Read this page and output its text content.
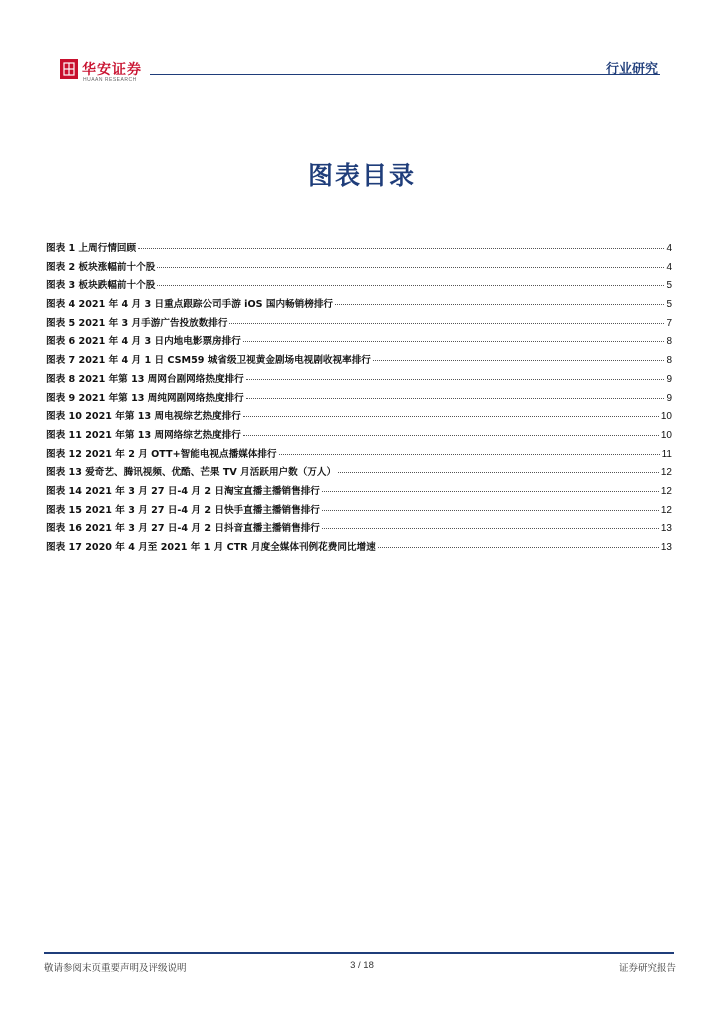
华安证券
HUAAN RESEARCH
行业研究
图表目录
图表 1 上周行情回顾	4
图表 2 板块涨幅前十个股	4
图表 3 板块跌幅前十个股	5
图表 4 2021 年 4 月 3 日重点跟踪公司手游 iOS 国内畅销榜排行	5
图表 5 2021 年 3 月手游广告投放数排行	7
图表 6 2021 年 4 月 3 日内地电影票房排行	8
图表 7 2021 年 4 月 1 日 CSM59 城省级卫视黄金剧场电视剧收视率排行	8
图表 8 2021 年第 13 周网台剧网络热度排行	9
图表 9 2021 年第 13 周纯网剧网络热度排行	9
图表 10 2021 年第 13 周电视综艺热度排行	10
图表 11 2021 年第 13 周网络综艺热度排行	10
图表 12 2021 年 2 月 OTT+智能电视点播媒体排行	11
图表 13 爱奇艺、腾讯视频、优酷、芒果 TV 月活跃用户数（万人）	12
图表 14 2021 年 3 月 27 日-4 月 2 日淘宝直播主播销售排行	12
图表 15 2021 年 3 月 27 日-4 月 2 日快手直播主播销售排行	12
图表 16 2021 年 3 月 27 日-4 月 2 日抖音直播主播销售排行	13
图表 17 2020 年 4 月至 2021 年 1 月 CTR 月度全媒体刊例花费同比增速	13
敬请参阅末页重要声明及评级说明	3 / 18	证券研究报告
